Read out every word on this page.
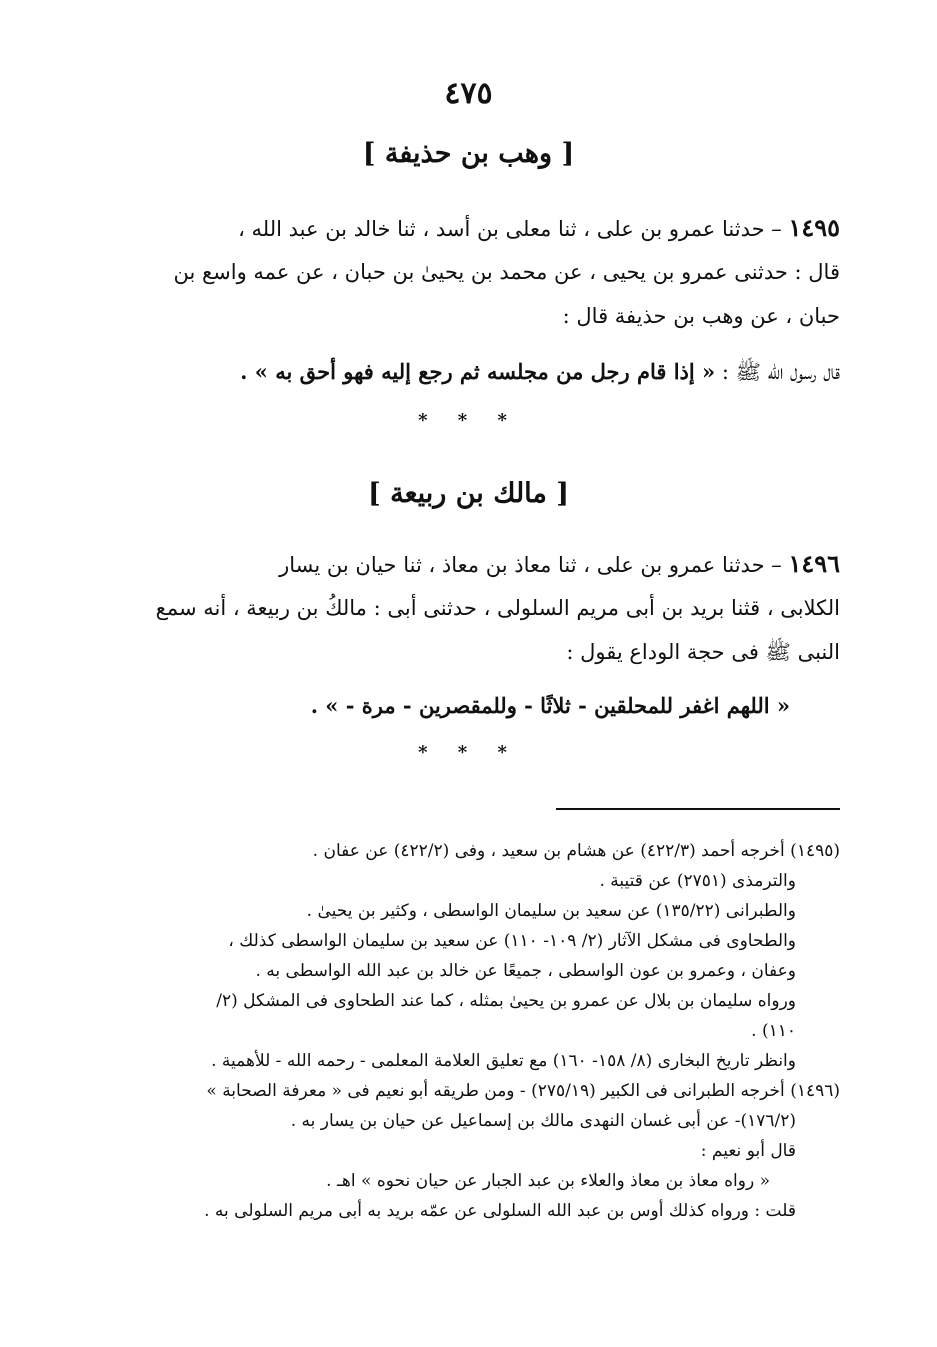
٤٧٥
[ وهب بن حذيفة ]
١٤٩٥ – حدثنا عمرو بن على ، ثنا معلى بن أسد ، ثنا خالد بن عبد الله ،
قال : حدثنى عمرو بن يحيى ، عن محمد بن يحيىٰ بن حبان ، عن عمه واسع بن
حبان ، عن وهب بن حذيفة قال :
قال رسول الله ﷺ : « إذا قام رجل من مجلسه ثم رجع إليه فهو أحق به » .
* * *
[ مالك بن ربيعة ]
١٤٩٦ – حدثنا عمرو بن على ، ثنا معاذ بن معاذ ، ثنا حيان بن يسار
الكلابى ، قثنا بريد بن أبى مريم السلولى ، حدثنى أبى : مالكُ بن ربيعة ، أنه سمع
النبى ﷺ فى حجة الوداع يقول :
« اللهم اغفر للمحلقين - ثلاثًا - وللمقصرين - مرة - » .
* * *
(١٤٩٥) أخرجه أحمد (٤٢٢/٣) عن هشام بن سعيد ، وفى (٤٢٢/٢) عن عفان .
والترمذى (٢٧٥١) عن قتيبة .
والطبرانى (١٣٥/٢٢) عن سعيد بن سليمان الواسطى ، وكثير بن يحيىٰ .
والطحاوى فى مشكل الآثار (٢/ ١٠٩- ١١٠) عن سعيد بن سليمان الواسطى كذلك ،
وعفان ، وعمرو بن عون الواسطى ، جميعًا عن خالد بن عبد الله الواسطى به .
ورواه سليمان بن بلال عن عمرو بن يحيىٰ بمثله ، كما عند الطحاوى فى المشكل (٢/
١١٠) .
وانظر تاريخ البخارى (٨/ ١٥٨- ١٦٠) مع تعليق العلامة المعلمى - رحمه الله - للأهمية .
(١٤٩٦) أخرجه الطبرانى فى الكبير (٢٧٥/١٩) - ومن طريقه أبو نعيم فى « معرفة الصحابة »
(١٧٦/٢)- عن أبى غسان النهدى مالك بن إسماعيل عن حيان بن يسار به .
قال أبو نعيم :
« رواه معاذ بن معاذ والعلاء بن عبد الجبار عن حيان نحوه » اهـ .
قلت : ورواه كذلك أوس بن عبد الله السلولى عن عمّه بريد به أبى مريم السلولى به .
